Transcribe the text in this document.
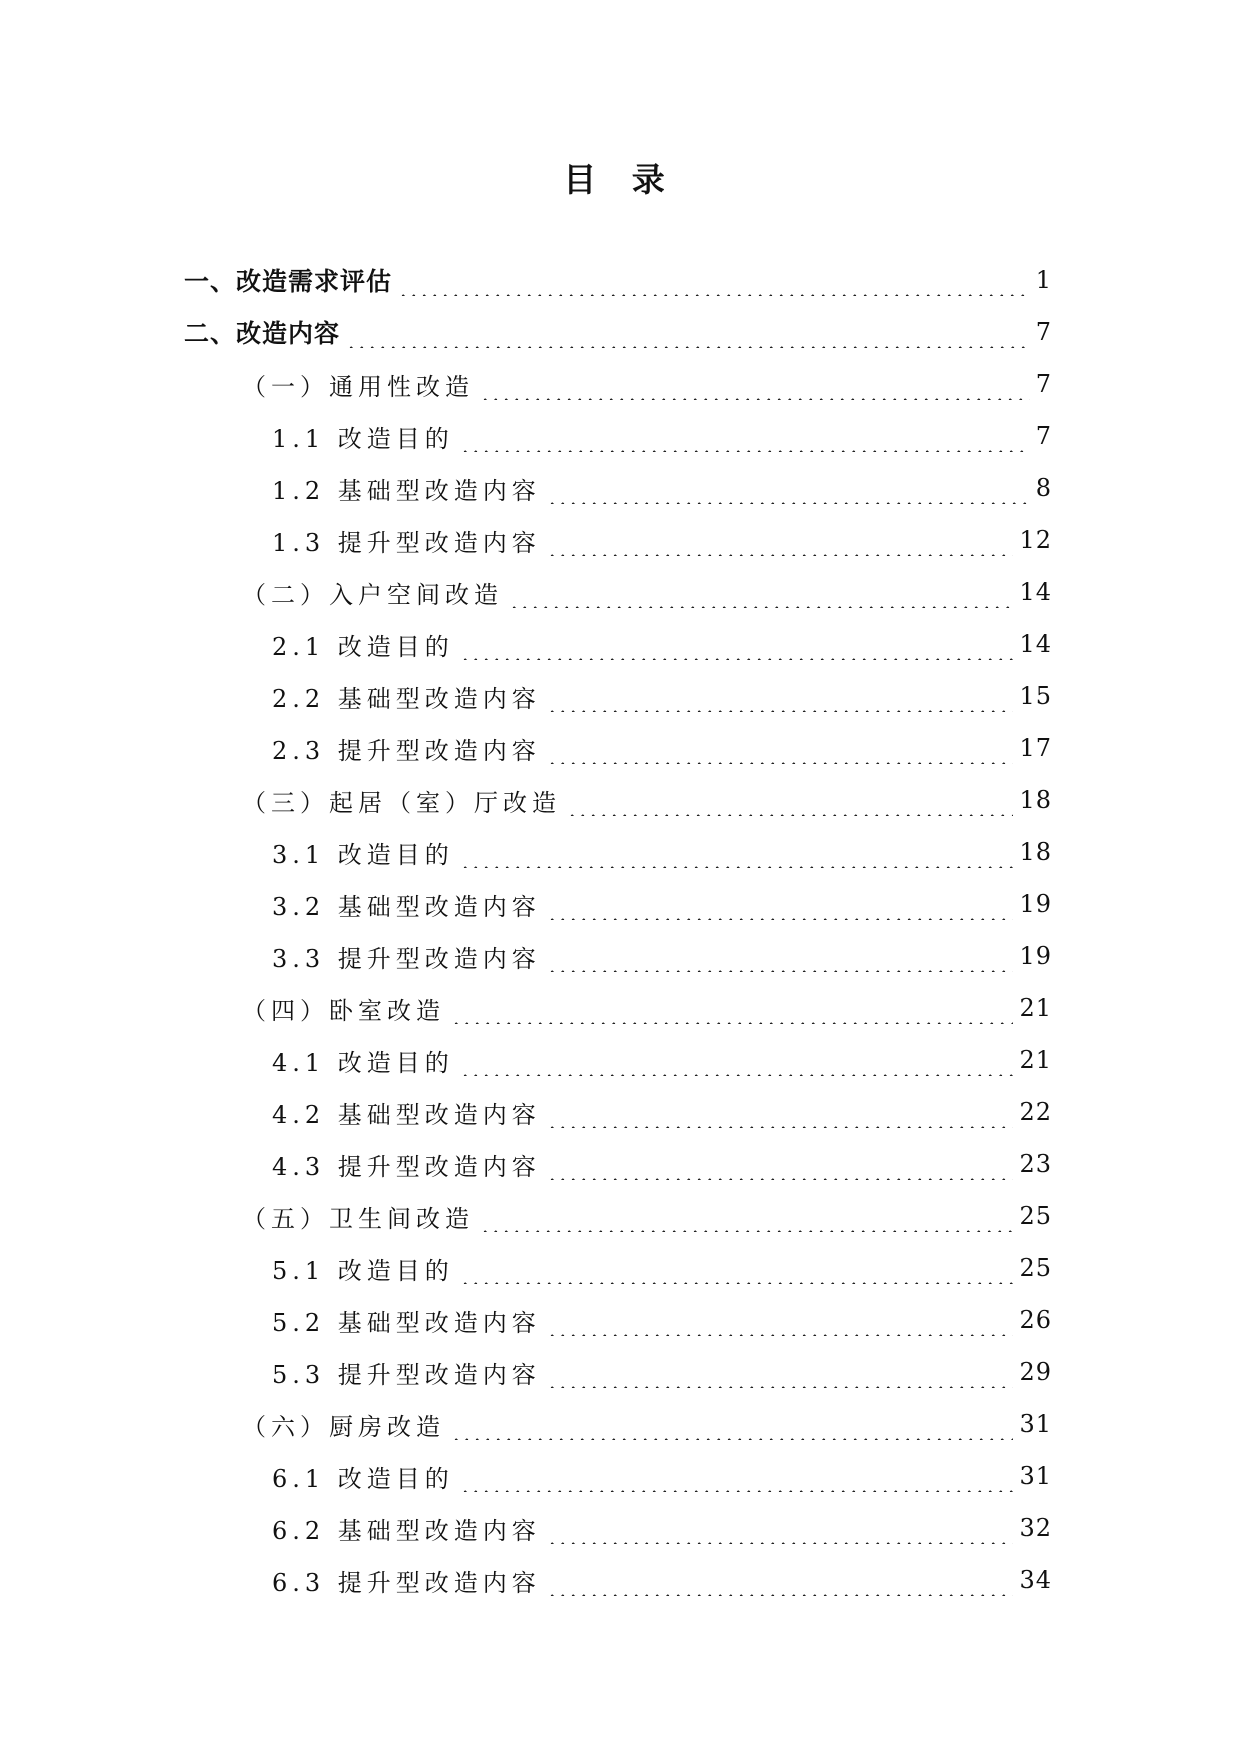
目 录
一、改造需求评估	1
二、改造内容	7
（一）通用性改造	7
1.1 改造目的	7
1.2 基础型改造内容	8
1.3 提升型改造内容	12
（二）入户空间改造	14
2.1 改造目的	14
2.2 基础型改造内容	15
2.3 提升型改造内容	17
（三）起居（室）厅改造	18
3.1 改造目的	18
3.2 基础型改造内容	19
3.3 提升型改造内容	19
（四）卧室改造	21
4.1 改造目的	21
4.2 基础型改造内容	22
4.3 提升型改造内容	23
（五）卫生间改造	25
5.1 改造目的	25
5.2 基础型改造内容	26
5.3 提升型改造内容	29
（六）厨房改造	31
6.1 改造目的	31
6.2 基础型改造内容	32
6.3 提升型改造内容	34
